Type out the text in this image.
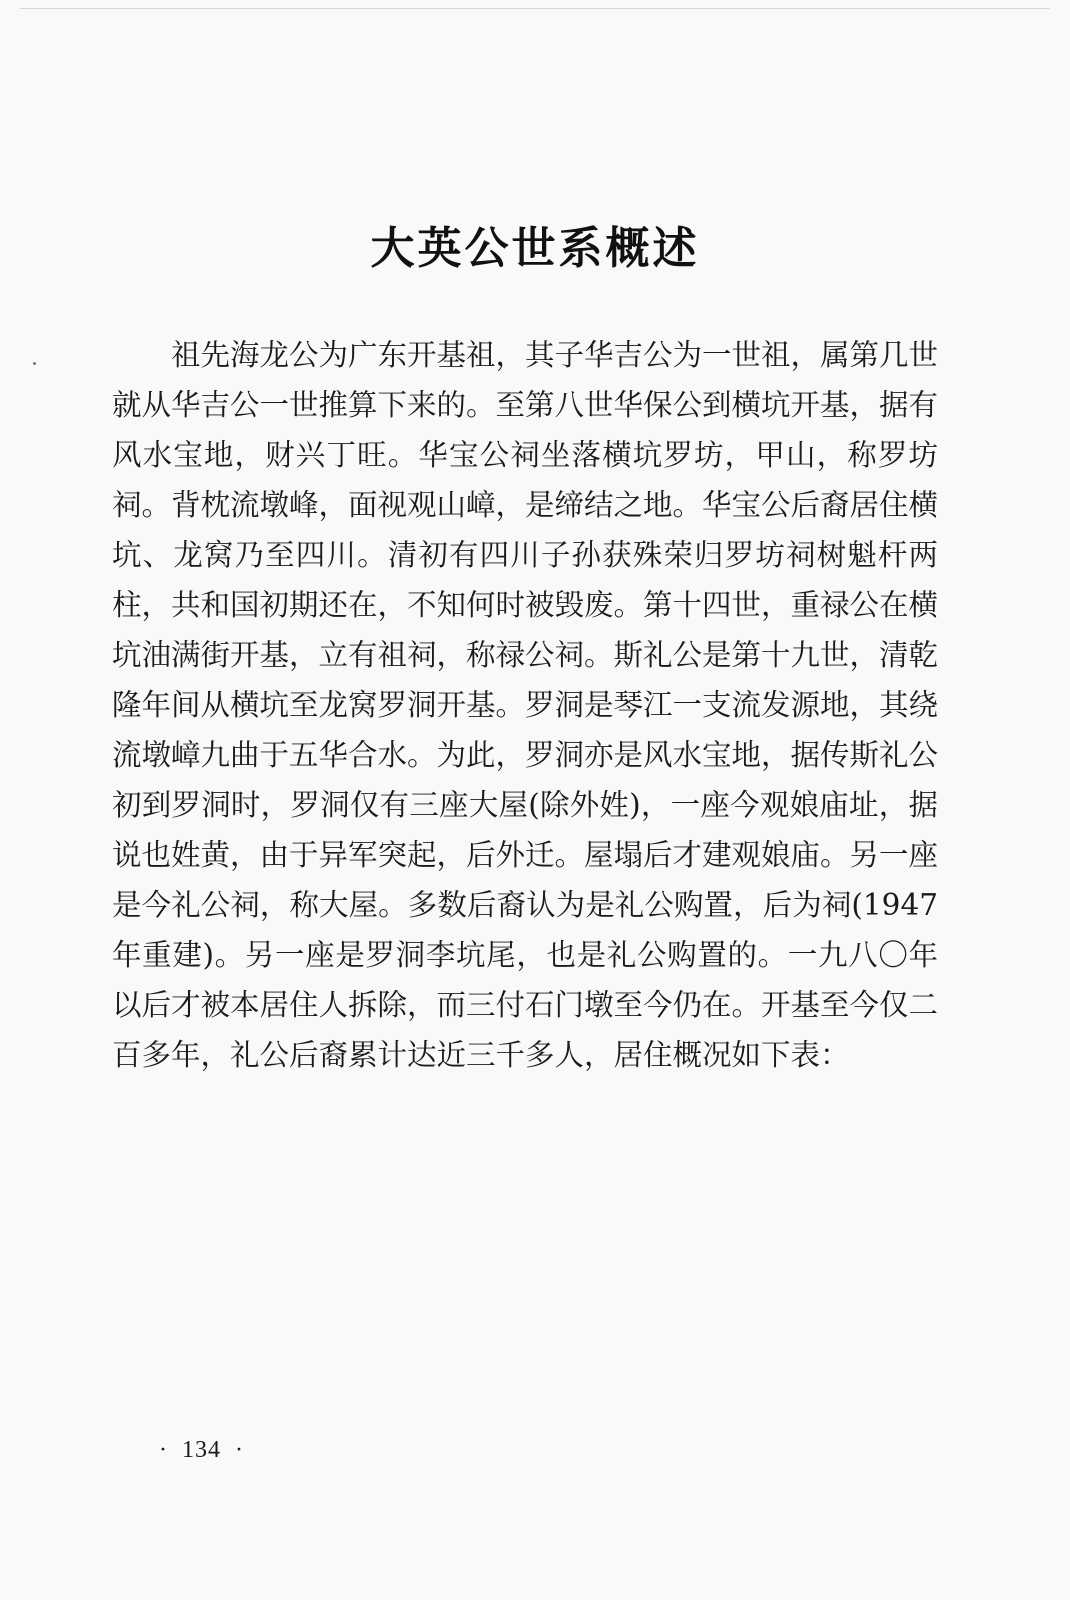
大英公世系概述

祖先海龙公为广东开基祖，其子华吉公为一世祖，属第几世就从华吉公一世推算下来的。至第八世华保公到横坑开基，据有风水宝地，财兴丁旺。华宝公祠坐落横坑罗坊，甲山，称罗坊祠。背枕流墩峰，面视观山嶂，是缔结之地。华宝公后裔居住横坑、龙窝乃至四川。清初有四川子孙获殊荣归罗坊祠树魁杆两柱，共和国初期还在，不知何时被毁废。第十四世，重禄公在横坑油满街开基，立有祖祠，称禄公祠。斯礼公是第十九世，清乾隆年间从横坑至龙窝罗洞开基。罗洞是琴江一支流发源地，其绕流墩嶂九曲于五华合水。为此，罗洞亦是风水宝地，据传斯礼公初到罗洞时，罗洞仅有三座大屋(除外姓)，一座今观娘庙址，据说也姓黄，由于异军突起，后外迁。屋塌后才建观娘庙。另一座是今礼公祠，称大屋。多数后裔认为是礼公购置，后为祠(1947 年重建)。另一座是罗洞李坑尾，也是礼公购置的。一九八〇年以后才被本居住人拆除，而三付石门墩至今仍在。开基至今仅二百多年，礼公后裔累计达近三千多人，居住概况如下表：

· 134 ·
